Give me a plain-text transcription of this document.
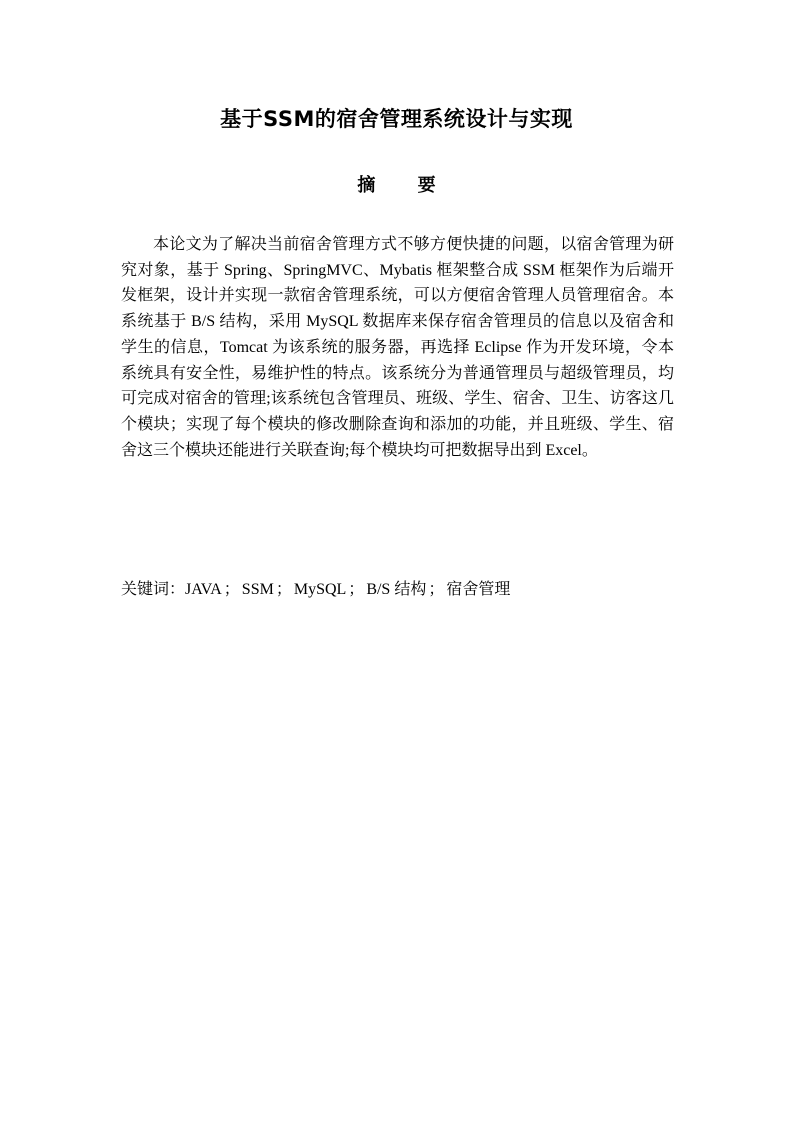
基于SSM的宿舍管理系统设计与实现
摘 要

本论文为了解决当前宿舍管理方式不够方便快捷的问题，以宿舍管理为研究对象，基于 Spring、SpringMVC、Mybatis 框架整合成 SSM 框架作为后端开发框架，设计并实现一款宿舍管理系统，可以方便宿舍管理人员管理宿舍。本系统基于 B/S 结构，采用 MySQL 数据库来保存宿舍管理员的信息以及宿舍和学生的信息，Tomcat 为该系统的服务器，再选择 Eclipse 作为开发环境，令本系统具有安全性，易维护性的特点。该系统分为普通管理员与超级管理员，均可完成对宿舍的管理;该系统包含管理员、班级、学生、宿舍、卫生、访客这几个模块；实现了每个模块的修改删除查询和添加的功能，并且班级、学生、宿舍这三个模块还能进行关联查询;每个模块均可把数据导出到 Excel。

关键词：JAVA ； SSM ； MySQL ； B/S 结构 ； 宿舍管理
